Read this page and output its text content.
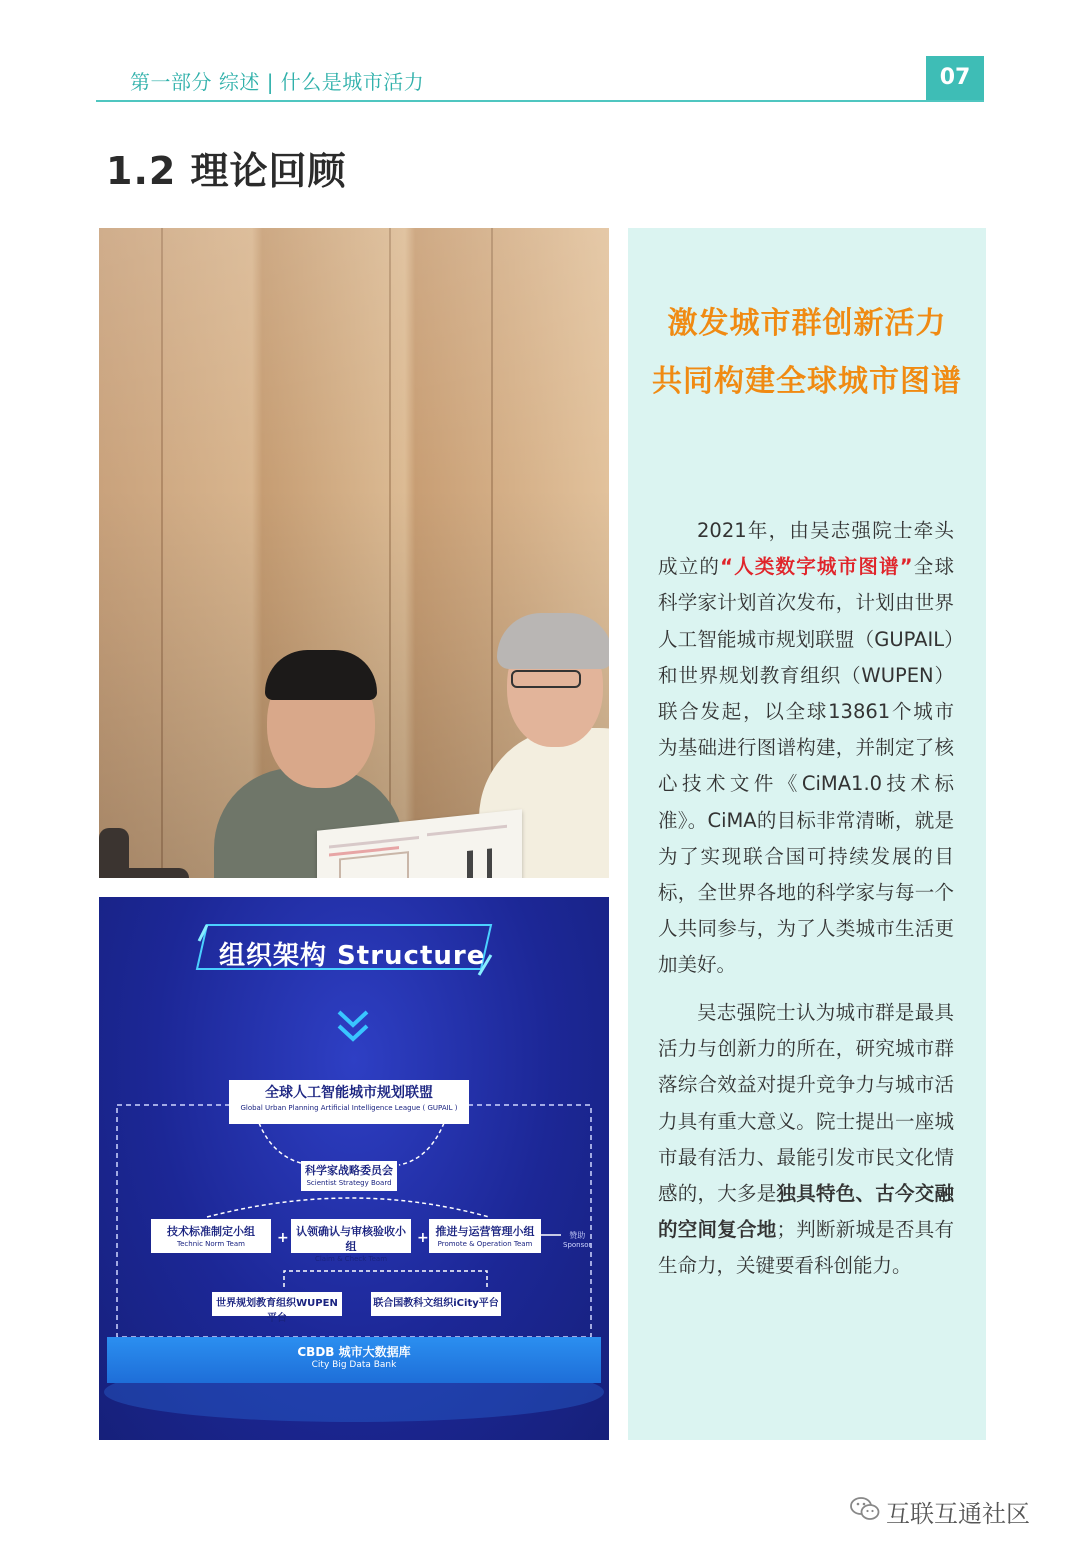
第一部分 综述 | 什么是城市活力	07
1.2 理论回顾
+	+
组织架构 Structure
全球人工智能城市规划联盟
Global Urban Planning Artificial Intelligence League ( GUPAIL )
科学家战略委员会
Scientist Strategy Board
技术标准制定小组
Technic Norm Team
认领确认与审核验收小组
Claim & Check Team
推进与运营管理小组
Promote & Operation Team
赞助
Sponsor
世界规划教育组织WUPEN平台
联合国教科文组织iCity平台
CBDB 城市大数据库
City Big Data Bank
激发城市群创新活力
共同构建全球城市图谱
2021年，由吴志强院士牵头成立的“人类数字城市图谱”全球科学家计划首次发布，计划由世界人工智能城市规划联盟（GUPAIL）和世界规划教育组织（WUPEN）联合发起，以全球13861个城市为基础进行图谱构建，并制定了核心技术文件《CiMA1.0技术标准》。CiMA的目标非常清晰，就是为了实现联合国可持续发展的目标，全世界各地的科学家与每一个人共同参与，为了人类城市生活更加美好。
吴志强院士认为城市群是最具活力与创新力的所在，研究城市群落综合效益对提升竞争力与城市活力具有重大意义。院士提出一座城市最有活力、最能引发市民文化情感的，大多是独具特色、古今交融的空间复合地；判断新城是否具有生命力，关键要看科创能力。
互联互通社区
